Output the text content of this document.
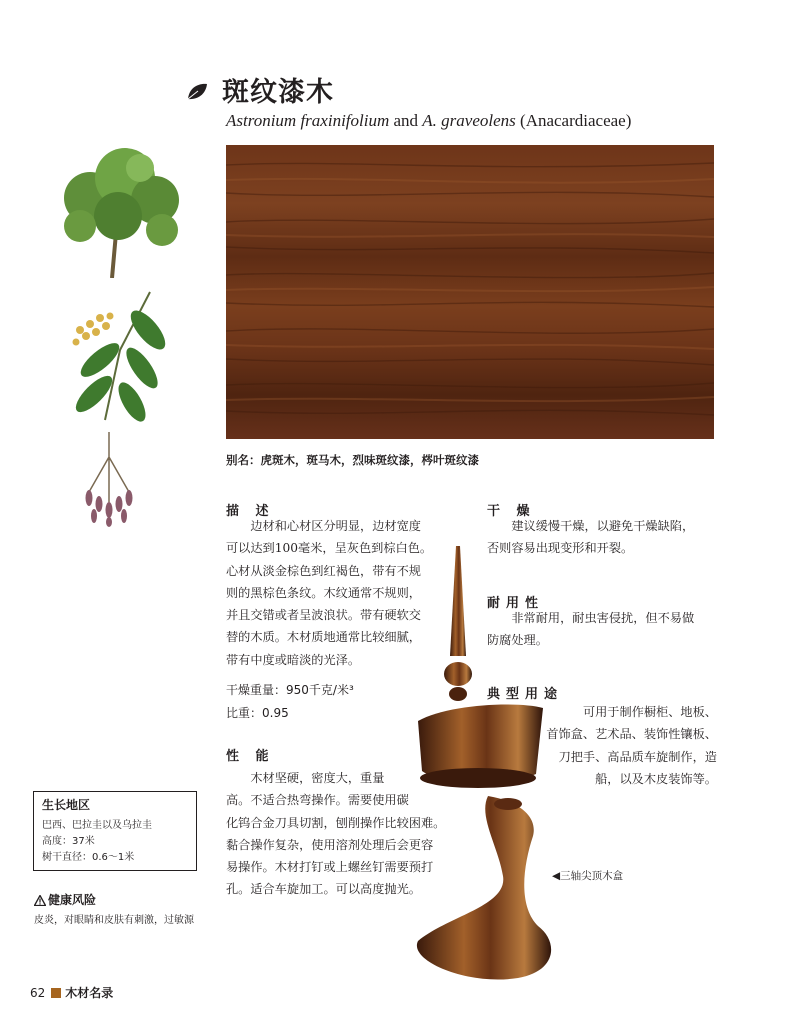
斑纹漆木
Astronium fraxinifolium and A. graveolens (Anacardiaceae)
别名：虎斑木，斑马木，烈味斑纹漆，梣叶斑纹漆
描 述
　　边材和心材区分明显，边材宽度
可以达到100毫米，呈灰色到棕白色。
心材从淡金棕色到红褐色，带有不规
则的黑棕色条纹。木纹通常不规则，
并且交错或者呈波浪状。带有硬软交
替的木质。木材质地通常比较细腻，
带有中度或暗淡的光泽。
干燥重量：950千克/米³
比重：0.95
性 能
　　木材坚硬，密度大，重量
高。不适合热弯操作。需要使用碳
化钨合金刀具切割，刨削操作比较困难。
黏合操作复杂，使用溶剂处理后会更容
易操作。木材打钉或上螺丝钉需要预打
孔。适合车旋加工。可以高度抛光。
干 燥
　　建议缓慢干燥，以避免干燥缺陷，
否则容易出现变形和开裂。
耐用性
　　非常耐用，耐虫害侵扰，但不易做
防腐处理。
典型用途
可用于制作橱柜、地板、
首饰盒、艺术品、装饰性镶板、
刀把手、高品质车旋制作，造
船，以及木皮装饰等。
◀三轴尖顶木盒
生长地区
巴西、巴拉圭以及乌拉圭
高度：37米
树干直径：0.6～1米
健康风险
皮炎，对眼睛和皮肤有刺激，过敏源
62 木材名录
